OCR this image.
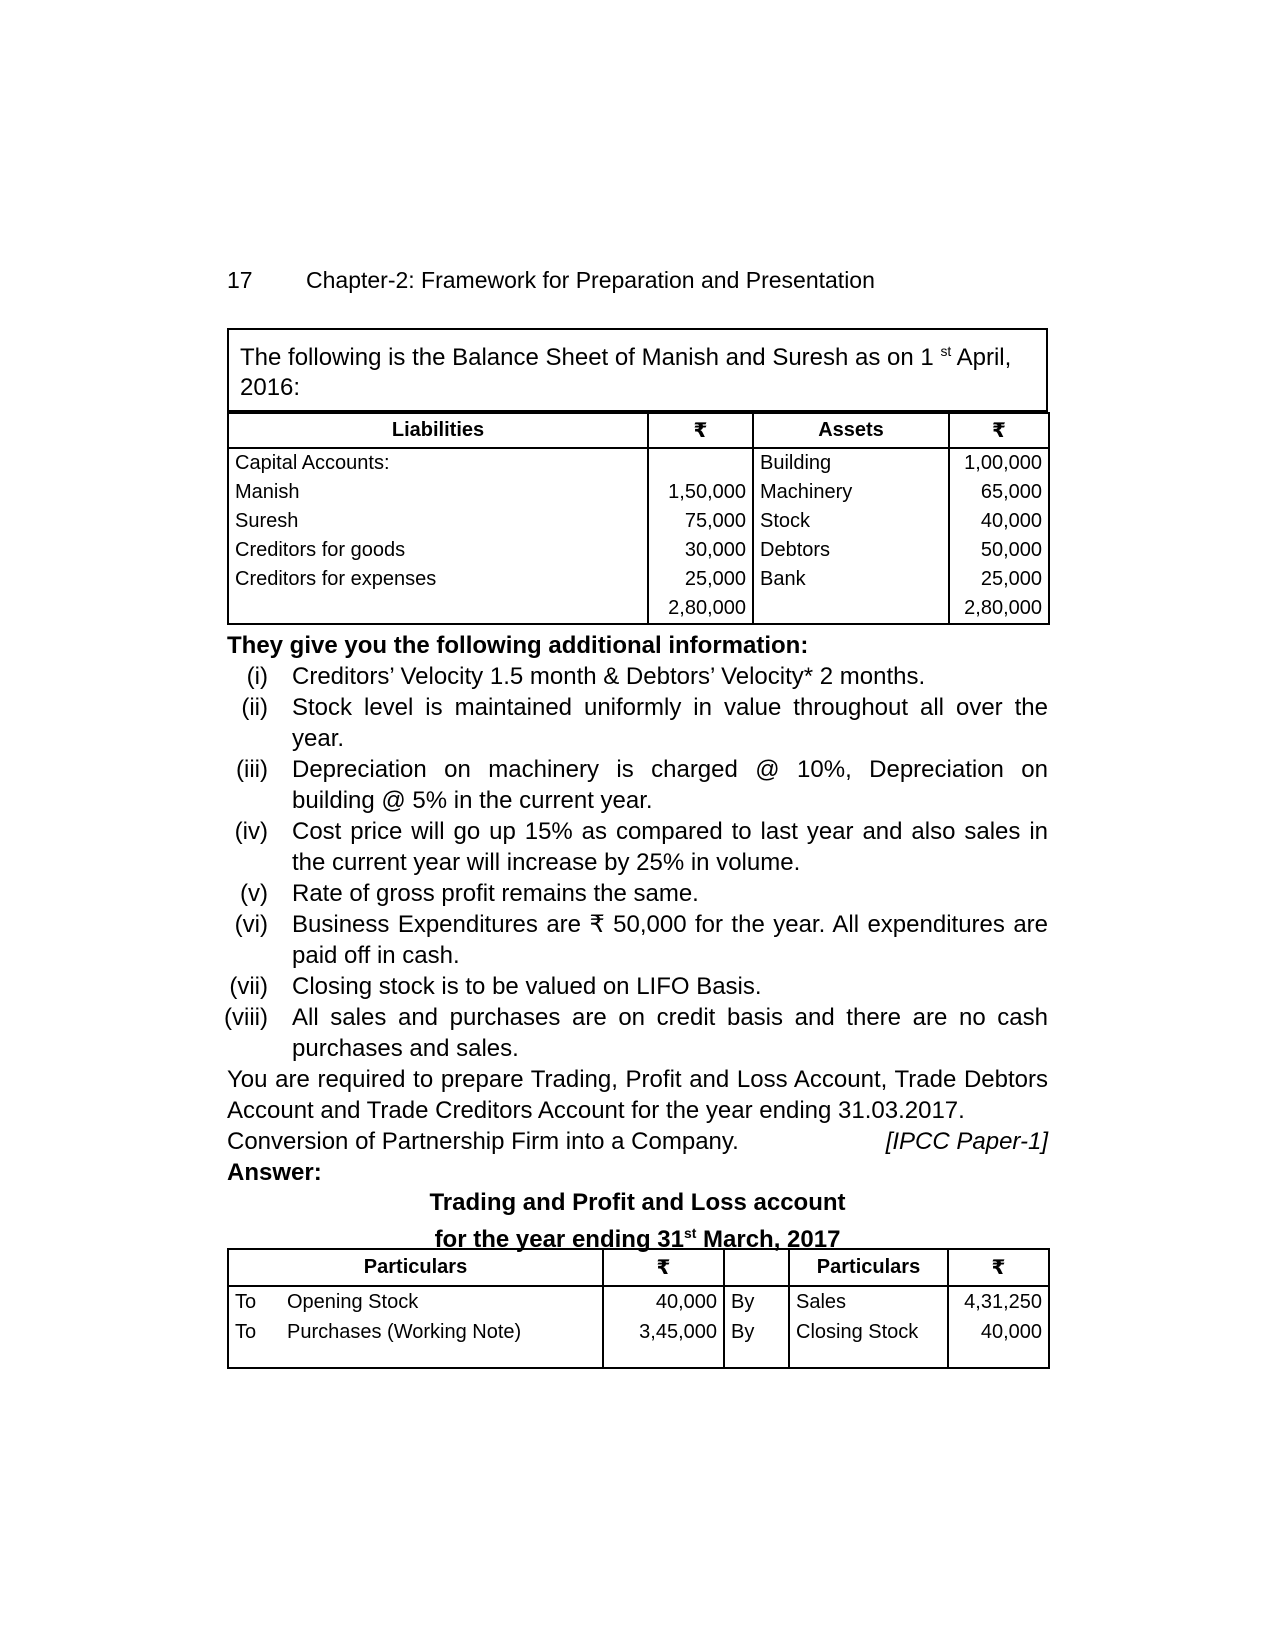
17 Chapter-2: Framework for Preparation and Presentation
The following is the Balance Sheet of Manish and Suresh as on 1 $^{st}$ April, 2016:
Liabilities	₹	Assets	₹
Capital Accounts:		Building	1,00,000
Manish	1,50,000	Machinery	65,000
Suresh	75,000	Stock	40,000
Creditors for goods	30,000	Debtors	50,000
Creditors for expenses	25,000	Bank	25,000
	2,80,000		2,80,000
They give you the following additional information:
(i) Creditors’ Velocity 1.5 month & Debtors’ Velocity* 2 months.
(ii) Stock level is maintained uniformly in value throughout all over the year.
(iii) Depreciation on machinery is charged @ 10%, Depreciation on building @ 5% in the current year.
(iv) Cost price will go up 15% as compared to last year and also sales in the current year will increase by 25% in volume.
(v) Rate of gross profit remains the same.
(vi) Business Expenditures are ₹ 50,000 for the year. All expenditures are paid off in cash.
(vii) Closing stock is to be valued on LIFO Basis.
(viii) All sales and purchases are on credit basis and there are no cash purchases and sales.
You are required to prepare Trading, Profit and Loss Account, Trade Debtors Account and Trade Creditors Account for the year ending 31.03.2017.
Conversion of Partnership Firm into a Company.	[IPCC Paper-1]
Answer:
Trading and Profit and Loss account
for the year ending 31st March, 2017
Particulars	₹		Particulars	₹
To Opening Stock	40,000	By	Sales	4,31,250
To Purchases (Working Note)	3,45,000	By	Closing Stock	40,000
